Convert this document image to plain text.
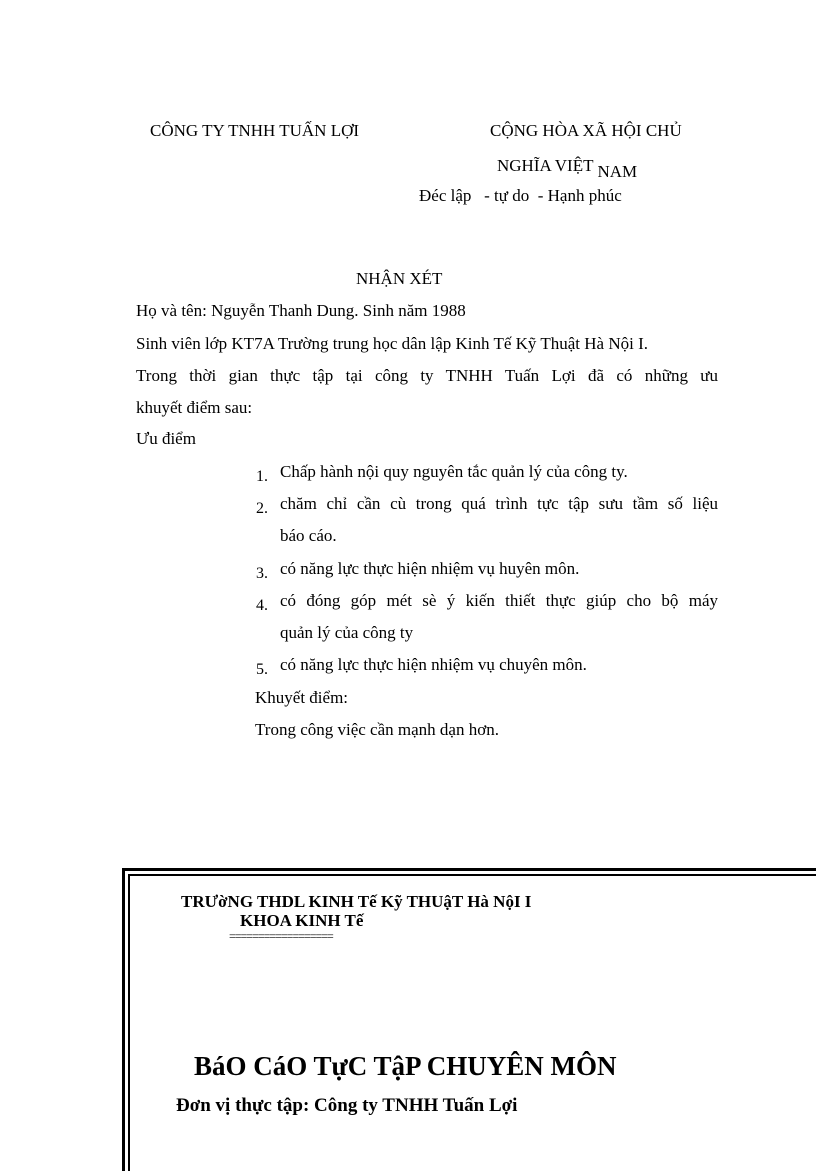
CÔNG TY TNHH TUẤN LỢI	CỘNG HÒA XÃ HỘI CHỦ
NGHĨA VIỆT NAM
Đéc lập   - tự do  - Hạnh phúc
NHẬN XÉT
Họ và tên: Nguyễn Thanh Dung. Sinh năm 1988
Sinh viên lớp KT7A Trường trung học dân lập Kinh Tế Kỹ Thuật Hà Nội I.
Trong thời gian thực tập tại công ty TNHH Tuấn Lợi đã có những ưu
khuyết điểm sau:
Ưu điểm
1. Chấp hành nội quy nguyên tắc quản lý của công ty.
2. chăm chỉ cần cù trong quá trình tực tập sưu tầm số liệu
báo cáo.
3. có năng lực thực hiện nhiệm vụ huyên môn.
4. có đóng góp mét sè ý kiến thiết thực giúp cho bộ máy
quản lý của công ty
5. có năng lực thực hiện nhiệm vụ chuyên môn.
Khuyết điểm:
Trong công việc cần mạnh dạn hơn.
TRƯờNG THDL KINH Tế Kỹ THUậT Hà NộI I
KHOA KINH Tế
==================
BáO CáO TựC TậP CHUYÊN MÔN
Đơn vị thực tập: Công ty TNHH Tuấn Lợi
